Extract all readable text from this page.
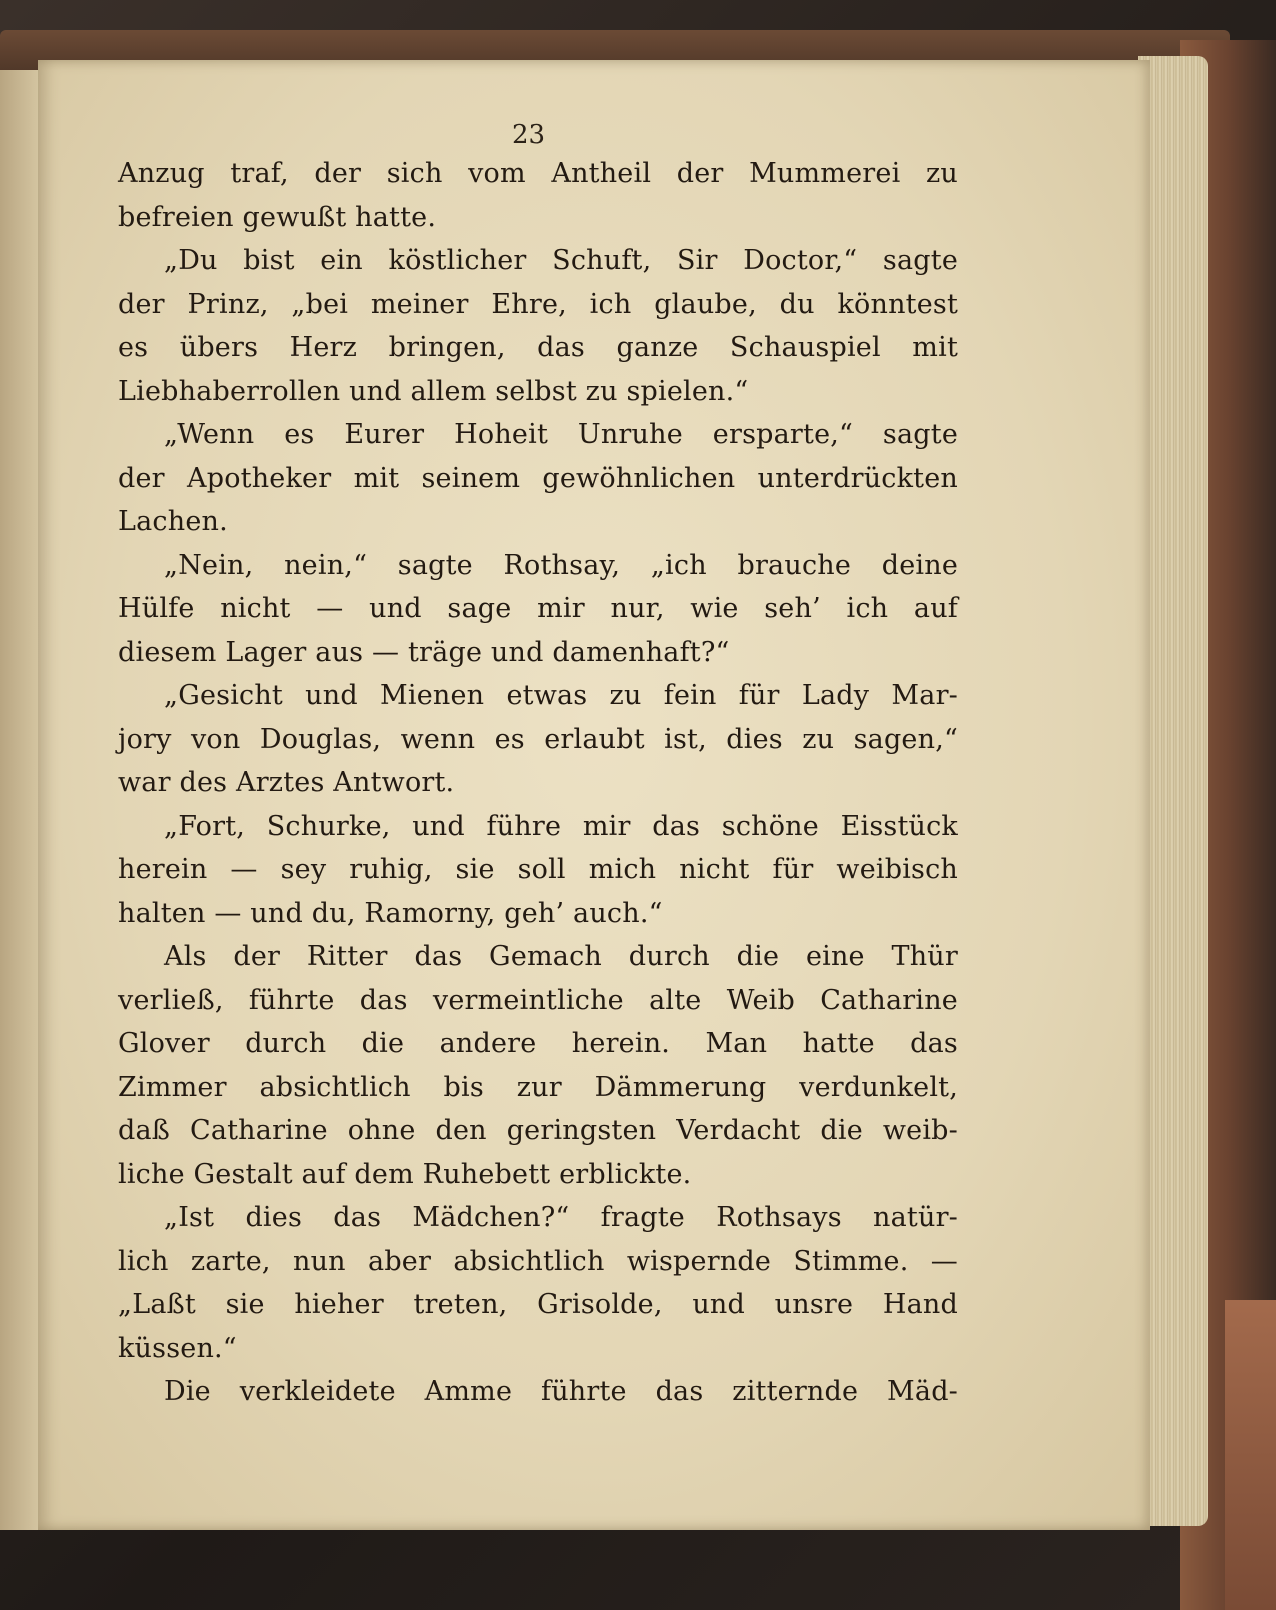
23
Anzug traf, der sich vom Antheil der Mummerei zu
befreien gewußt hatte.
„Du bist ein köstlicher Schuft, Sir Doctor,“ sagte
der Prinz, „bei meiner Ehre, ich glaube, du könntest
es übers Herz bringen, das ganze Schauspiel mit
Liebhaberrollen und allem selbst zu spielen.“
„Wenn es Eurer Hoheit Unruhe ersparte,“ sagte
der Apotheker mit seinem gewöhnlichen unterdrückten
Lachen.
„Nein, nein,“ sagte Rothsay, „ich brauche deine
Hülfe nicht — und sage mir nur, wie seh’ ich auf
diesem Lager aus — träge und damenhaft?“
„Gesicht und Mienen etwas zu fein für Lady Mar-
jory von Douglas, wenn es erlaubt ist, dies zu sagen,“
war des Arztes Antwort.
„Fort, Schurke, und führe mir das schöne Eisstück
herein — sey ruhig, sie soll mich nicht für weibisch
halten — und du, Ramorny, geh’ auch.“
Als der Ritter das Gemach durch die eine Thür
verließ, führte das vermeintliche alte Weib Catharine
Glover durch die andere herein. Man hatte das
Zimmer absichtlich bis zur Dämmerung verdunkelt,
daß Catharine ohne den geringsten Verdacht die weib-
liche Gestalt auf dem Ruhebett erblickte.
„Ist dies das Mädchen?“ fragte Rothsays natür-
lich zarte, nun aber absichtlich wispernde Stimme. —
„Laßt sie hieher treten, Grisolde, und unsre Hand
küssen.“
Die verkleidete Amme führte das zitternde Mäd-
